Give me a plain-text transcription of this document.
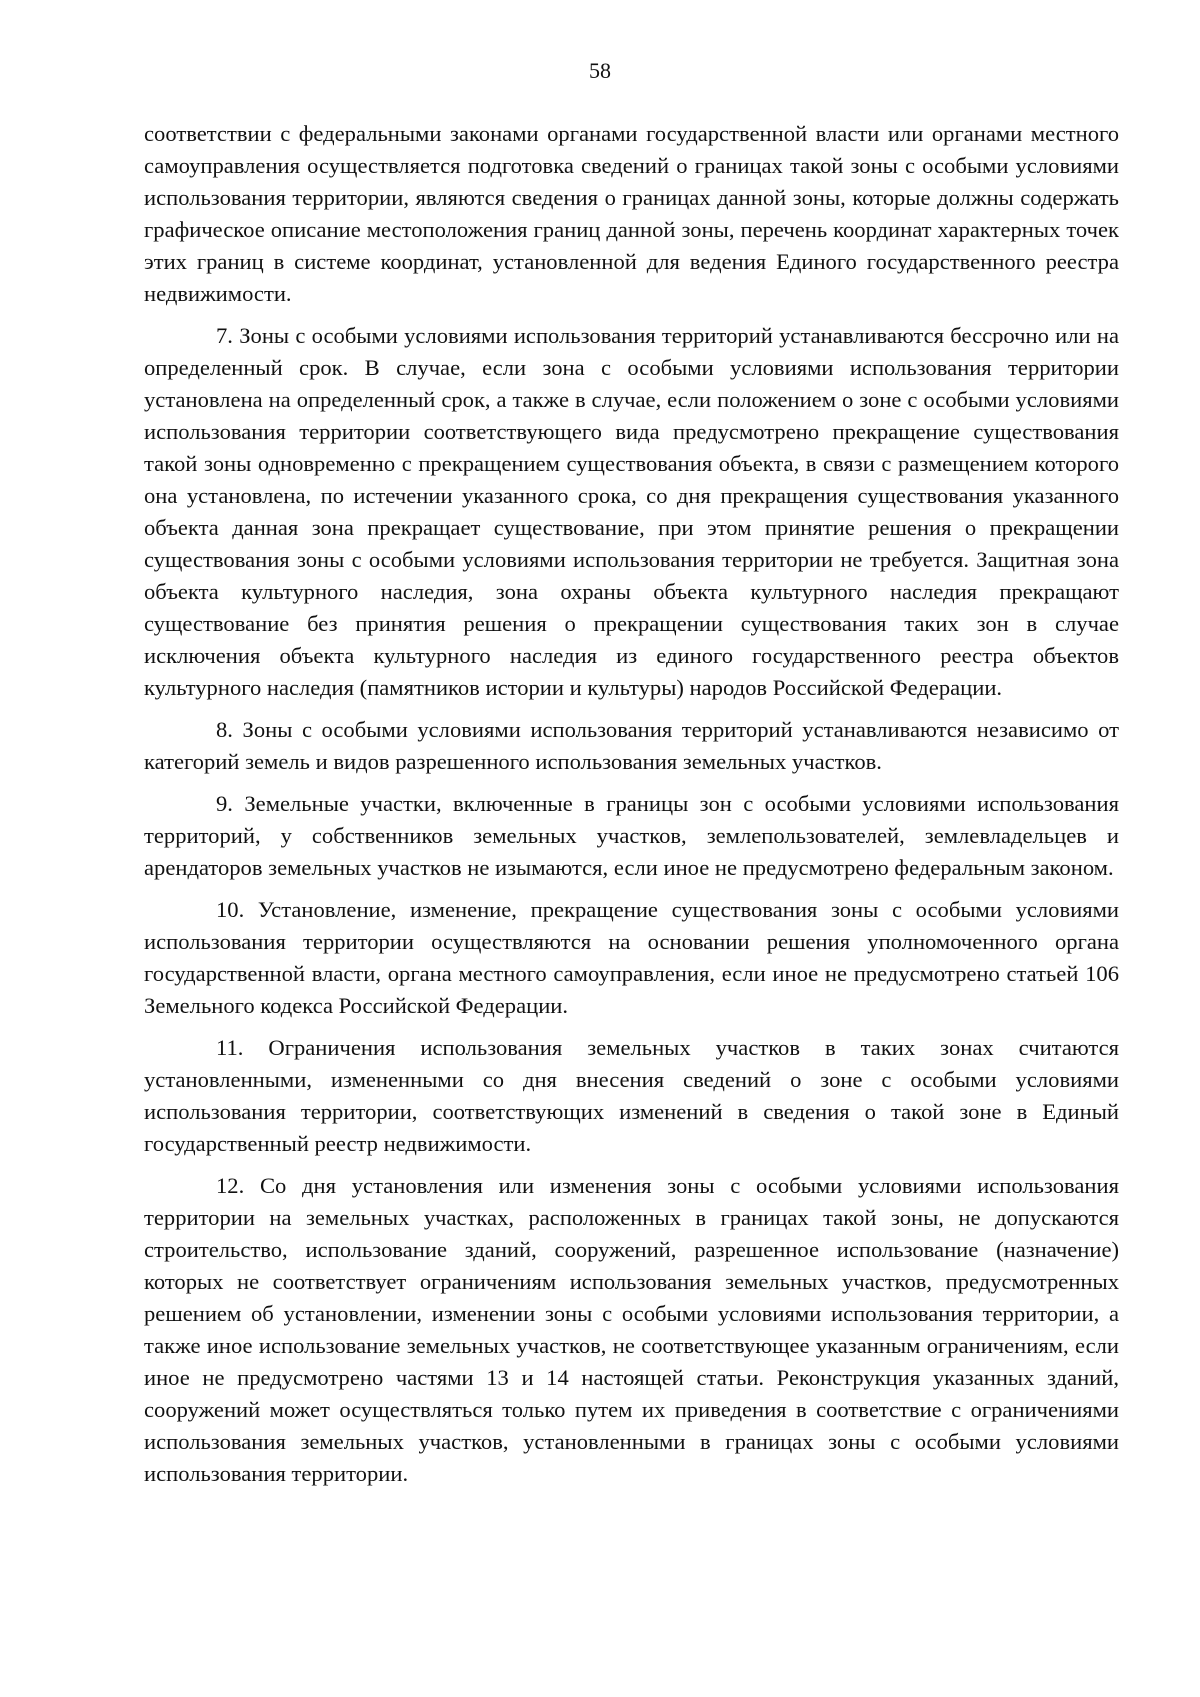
58

соответствии с федеральными законами органами государственной власти или органами местного самоуправления осуществляется подготовка сведений о границах такой зоны с особыми условиями использования территории, являются сведения о границах данной зоны, которые должны содержать графическое описание местоположения границ данной зоны, перечень координат характерных точек этих границ в системе координат, установленной для ведения Единого государственного реестра недвижимости.

7. Зоны с особыми условиями использования территорий устанавливаются бессрочно или на определенный срок. В случае, если зона с особыми условиями использования территории установлена на определенный срок, а также в случае, если положением о зоне с особыми условиями использования территории соответствующего вида предусмотрено прекращение существования такой зоны одновременно с прекращением существования объекта, в связи с размещением которого она установлена, по истечении указанного срока, со дня прекращения существования указанного объекта данная зона прекращает существование, при этом принятие решения о прекращении существования зоны с особыми условиями использования территории не требуется. Защитная зона объекта культурного наследия, зона охраны объекта культурного наследия прекращают существование без принятия решения о прекращении существования таких зон в случае исключения объекта культурного наследия из единого государственного реестра объектов культурного наследия (памятников истории и культуры) народов Российской Федерации.

8. Зоны с особыми условиями использования территорий устанавливаются независимо от категорий земель и видов разрешенного использования земельных участков.

9. Земельные участки, включенные в границы зон с особыми условиями использования территорий, у собственников земельных участков, землепользователей, землевладельцев и арендаторов земельных участков не изымаются, если иное не предусмотрено федеральным законом.

10. Установление, изменение, прекращение существования зоны с особыми условиями использования территории осуществляются на основании решения уполномоченного органа государственной власти, органа местного самоуправления, если иное не предусмотрено статьей 106 Земельного кодекса Российской Федерации.

11. Ограничения использования земельных участков в таких зонах считаются установленными, измененными со дня внесения сведений о зоне с особыми условиями использования территории, соответствующих изменений в сведения о такой зоне в Единый государственный реестр недвижимости.

12. Со дня установления или изменения зоны с особыми условиями использования территории на земельных участках, расположенных в границах такой зоны, не допускаются строительство, использование зданий, сооружений, разрешенное использование (назначение) которых не соответствует ограничениям использования земельных участков, предусмотренных решением об установлении, изменении зоны с особыми условиями использования территории, а также иное использование земельных участков, не соответствующее указанным ограничениям, если иное не предусмотрено частями 13 и 14 настоящей статьи. Реконструкция указанных зданий, сооружений может осуществляться только путем их приведения в соответствие с ограничениями использования земельных участков, установленными в границах зоны с особыми условиями использования территории.
